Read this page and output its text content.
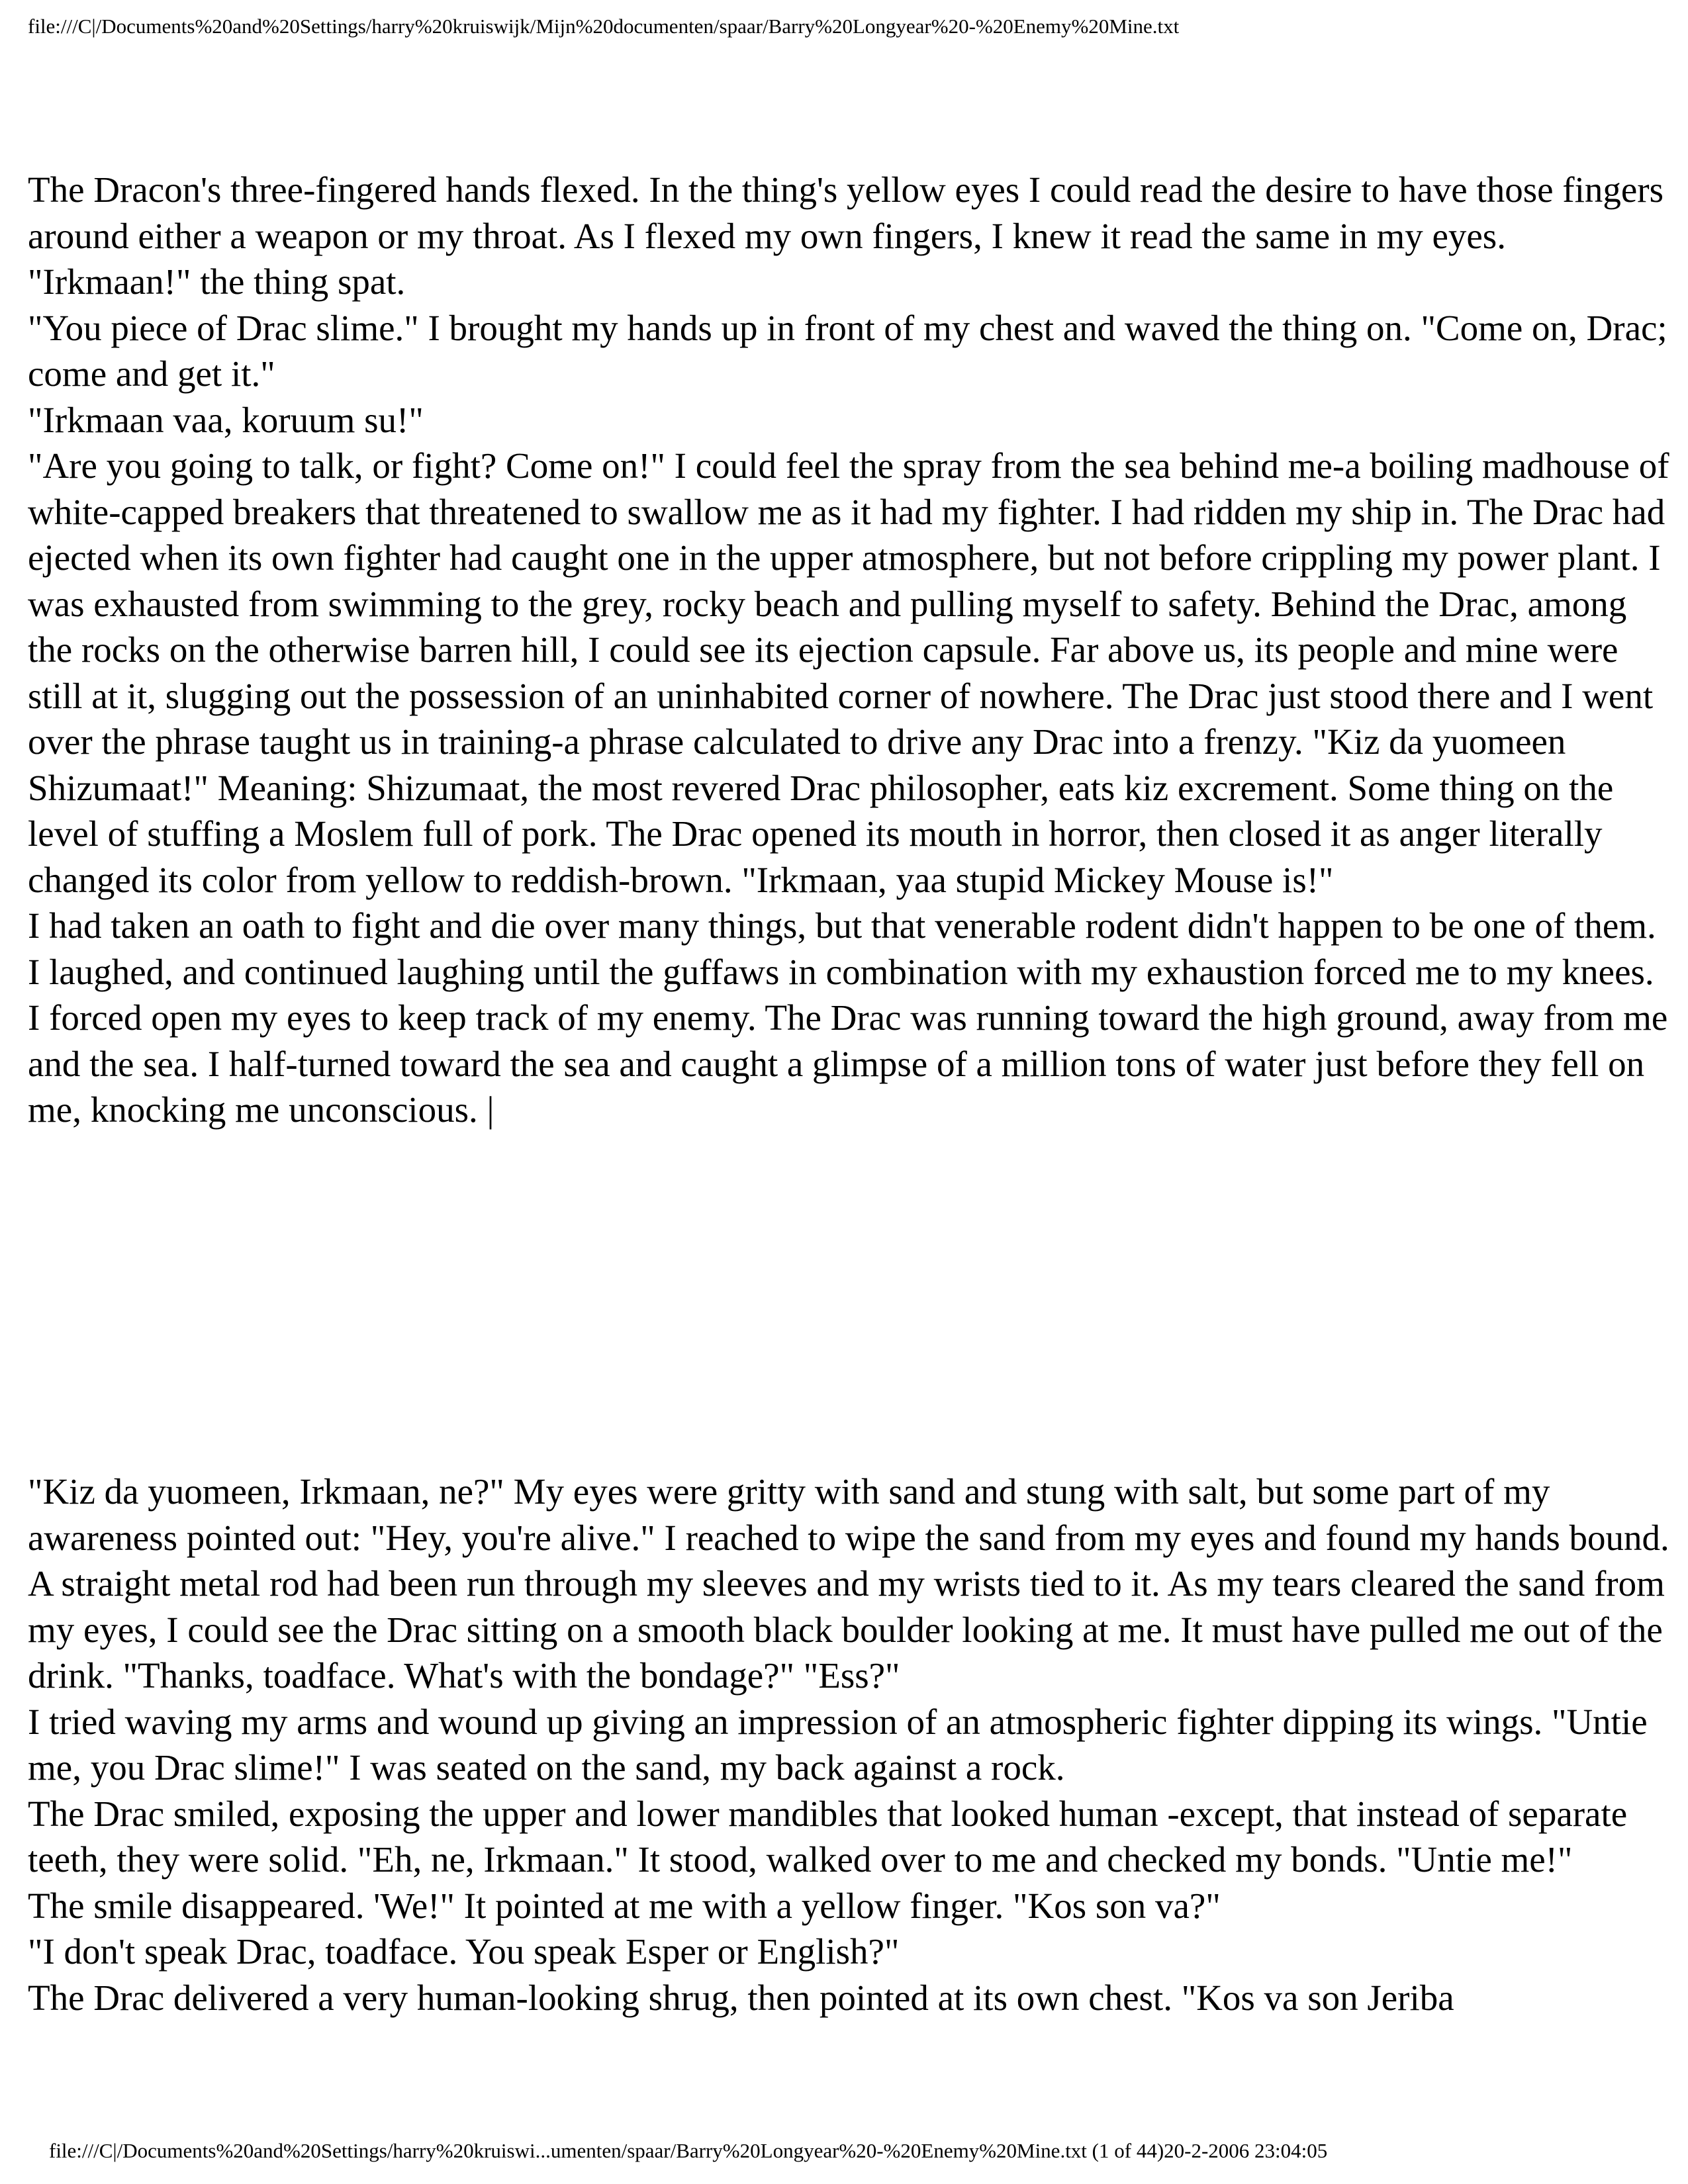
file:///C|/Documents%20and%20Settings/harry%20kruiswijk/Mijn%20documenten/spaar/Barry%20Longyear%20-%20Enemy%20Mine.txt

The Dracon's three-fingered hands flexed. In the thing's yellow eyes I could read the desire to have those fingers around either a weapon or my throat. As I flexed my own fingers, I knew it read the same in my eyes.

"Irkmaan!" the thing spat.

"You piece of Drac slime." I brought my hands up in front of my chest and waved the thing on. "Come on, Drac; come and get it."

"Irkmaan vaa, koruum su!"

"Are you going to talk, or fight? Come on!" I could feel the spray from the sea behind me-a boiling madhouse of white-capped breakers that threatened to swallow me as it had my fighter. I had ridden my ship in. The Drac had ejected when its own fighter had caught one in the upper atmosphere, but not before crippling my power plant. I was exhausted from swimming to the grey, rocky beach and pulling myself to safety. Behind the Drac, among the rocks on the otherwise barren hill, I could see its ejection capsule. Far above us, its people and mine were still at it, slugging out the possession of an uninhabited corner of nowhere. The Drac just stood there and I went over the phrase taught us in training-a phrase calculated to drive any Drac into a frenzy. "Kiz da yuomeen Shizumaat!" Meaning: Shizumaat, the most revered Drac philosopher, eats kiz excrement. Some thing on the level of stuffing a Moslem full of pork. The Drac opened its mouth in horror, then closed it as anger literally changed its color from yellow to reddish-brown. "Irkmaan, yaa stupid Mickey Mouse is!"

I had taken an oath to fight and die over many things, but that venerable rodent didn't happen to be one of them. I laughed, and continued laughing until the guffaws in combination with my exhaustion forced me to my knees. I forced open my eyes to keep track of my enemy. The Drac was running toward the high ground, away from me and the sea. I half-turned toward the sea and caught a glimpse of a million tons of water just before they fell on me, knocking me unconscious. |

"Kiz da yuomeen, Irkmaan, ne?" My eyes were gritty with sand and stung with salt, but some part of my awareness pointed out: "Hey, you're alive." I reached to wipe the sand from my eyes and found my hands bound. A straight metal rod had been run through my sleeves and my wrists tied to it. As my tears cleared the sand from my eyes, I could see the Drac sitting on a smooth black boulder looking at me. It must have pulled me out of the drink. "Thanks, toadface. What's with the bondage?" "Ess?"

I tried waving my arms and wound up giving an impression of an atmospheric fighter dipping its wings. "Untie me, you Drac slime!" I was seated on the sand, my back against a rock.

The Drac smiled, exposing the upper and lower mandibles that looked human -except, that instead of separate teeth, they were solid. "Eh, ne, Irkmaan." It stood, walked over to me and checked my bonds. "Untie me!"

The smile disappeared. 'We!" It pointed at me with a yellow finger. "Kos son va?"

"I don't speak Drac, toadface. You speak Esper or English?"

The Drac delivered a very human-looking shrug, then pointed at its own chest. "Kos va son Jeriba

file:///C|/Documents%20and%20Settings/harry%20kruiswi...umenten/spaar/Barry%20Longyear%20-%20Enemy%20Mine.txt (1 of 44)20-2-2006 23:04:05
